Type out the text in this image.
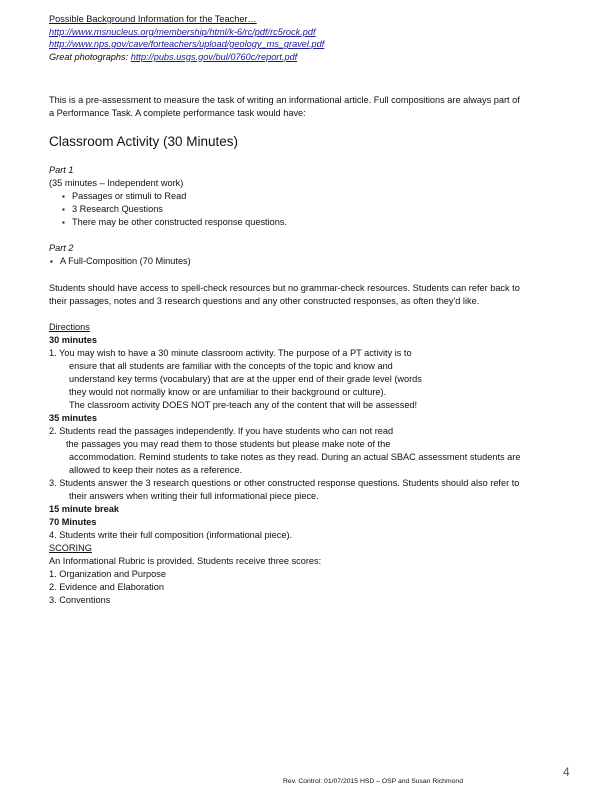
Possible Background Information for the Teacher…
http://www.msnucleus.org/membership/html/k-6/rc/pdf/rc5rock.pdf
http://www.nps.gov/cave/forteachers/upload/geology_ms_gravel.pdf
Great photographs: http://pubs.usgs.gov/bul/0760c/report.pdf
This is a pre-assessment to measure the task of writing an informational article. Full compositions are always part of
a Performance Task. A complete performance task would have:
Classroom Activity (30 Minutes)
Part 1
(35 minutes – Independent work)
▪ Passages or stimuli to Read
▪ 3 Research Questions
▪ There may be other constructed response questions.
Part 2
▪ A Full-Composition (70 Minutes)
Students should have access to spell-check resources but no grammar-check resources. Students can refer back to
their passages, notes and 3 research questions and any other constructed responses, as often they'd like.
Directions
30 minutes
1. You may wish to have a 30 minute classroom activity. The purpose of a PT activity is to
ensure that all students are familiar with the concepts of the topic and know and
understand key terms (vocabulary) that are at the upper end of their grade level (words
they would not normally know or are unfamiliar to their background or culture).
The classroom activity DOES NOT pre-teach any of the content that will be assessed!
35 minutes
2. Students read the passages independently. If you have students who can not read
the passages you may read them to those students but please make note of the
accommodation. Remind students to take notes as they read. During an actual SBAC assessment students are
allowed to keep their notes as a reference.
3. Students answer the 3 research questions or other constructed response questions. Students should also refer to
their answers when writing their full informational piece piece.
15 minute break
70 Minutes
4. Students write their full composition (informational piece).
SCORING
An Informational Rubric is provided. Students receive three scores:
1. Organization and Purpose
2. Evidence and Elaboration
3. Conventions
Rev. Control: 01/07/2015 HSD – OSP and Susan Richmond
4
